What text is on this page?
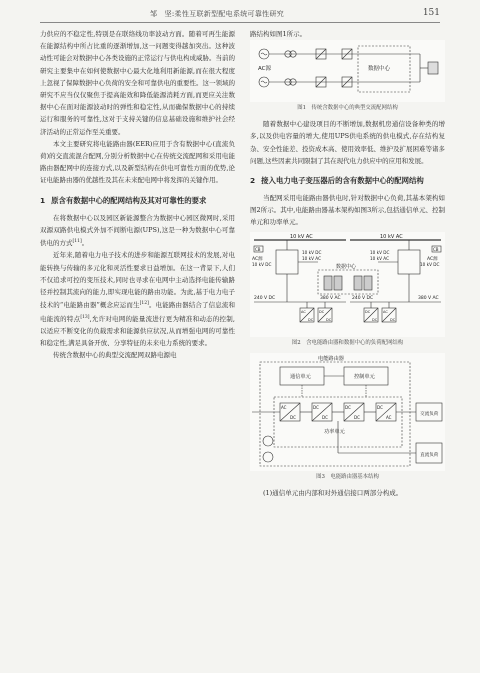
邹　坚:柔性互联新型配电系统可靠性研究	151

力供应的不稳定性,特别是在联络线功率波动方面。随着可再生能源在能源结构中所占比重的逐渐增加,这一问题变得越加突出。这种波动性可能会对数据中心各类设施的正常运行与供电构成威胁。当前的研究主要集中在如何使数据中心最大化地利用新能源,而在很大程度上忽视了保障数据中心负荷的安全和可靠供电的重要性。这一领域的研究不应当仅仅聚焦于提高能效和降低能源消耗方面,而更应关注数据中心在面对能源波动时的弹性和稳定性,从而确保数据中心的持续运行和服务的可靠性,这对于支持关键的信息基础设施和维护社会经济活动的正常运作至关重要。

本文主要研究将电能路由器(EER)应用于含有数据中心(直流负荷)的交直流混合配网,分别分析数据中心在传统交流配网和采用电能路由器配网中的连接方式,以及新型结构在供电可靠性方面的优势,论证电能路由器的优越性及其在未来配电网中将发挥的关键作用。

1 原含有数据中心的配网结构及其对可靠性的要求

在将数据中心以及园区新能源整合为数据中心园区微网时,采用双源双路供电模式外加不间断电源(UPS),这是一种为数据中心可靠供电的方式[11]。

近年来,随着电力电子技术的进步和能源互联网技术的发展,对电能转换与传输的多元化和灵活性要求日益增加。在这一背景下,人们不仅追求可控的变压技术,同时也寻求在电网中主动选择电能传输路径并控制其流向的能力,即实现电能的路由功能。为此,基于电力电子技术的“电能路由器”概念应运而生[12]。电能路由器结合了信息流和电能流的特点[13],允许对电网的能量流进行更为精准和动态的控制,以适应不断变化的负载需求和能源供应状况,从而增强电网的可靠性和稳定性,满足具备开放、分享特征的未来电力系统的要求。

传统含数据中心的典型交流配网双路电源电

路结构如图1所示。

AC源	数据中心
图1　传统含数据中心的典型交流配网结构

随着数据中心建设项目的不断增加,数据机房通信设备种类的增多,以及供电容量的增大,使用UPS供电系统的供电模式,存在结构复杂、安全性能差、投资成本高、使用效率低、维护及扩展困难等诸多问题,这些因素共同限制了其在现代电力供应中的应用和发展。

2 接入电力电子变压器后的含有数据中心的配网结构

当配网采用电能路由器供电时,针对数据中心负荷,其基本架构如图2所示。其中,电能路由器基本架构如图3所示,包括通信单元、控制单元和功率单元。

10 kV AC	10 kV AC
CB	CB
AC源	AC源
10 kV DC	10 kV DC
10 kV DC	10 kV DC
10 kV AC	10 kV AC
数据中心
240 V DC	380 V AC	240 V DC	380 V AC
AC
DC
DC
DC
DC
DC
AC
DC
图2　含电能路由器和数据中心的负荷配网结构
电能路由器
通信单元	控制单元
功率单元
AC
DC
DC
DC
DC
DC
DC
AC
交流负荷
直流负荷
图3　电能路由器基本结构

(1)通信单元由内部和对外通信接口两部分构成。
